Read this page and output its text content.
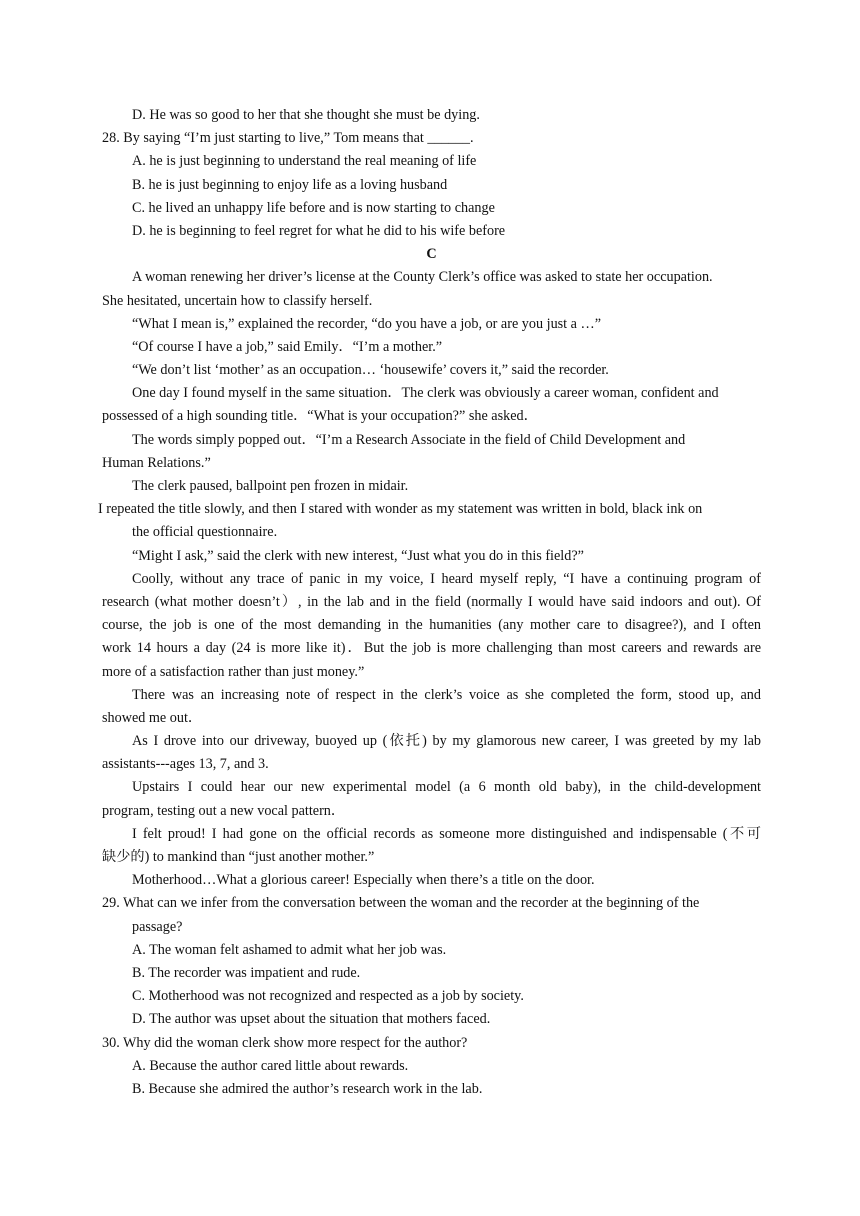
D. He was so good to her that she thought she must be dying.
28. By saying “I’m just starting to live,” Tom means that ______.
A. he is just beginning to understand the real meaning of life
B. he is just beginning to enjoy life as a loving husband
C. he lived an unhappy life before and is now starting to change
D. he is beginning to feel regret for what he did to his wife before
C
A woman renewing her driver’s license at the County Clerk’s office was asked to state her occupation.
She hesitated, uncertain how to classify herself.
“What I mean is,” explained the recorder, “do you have a job, or are you just a …”
“Of course I have a job,” said Emily．“I’m a mother.”
“We don’t list ‘mother’ as an occupation… ‘housewife’ covers it,” said the recorder.
One day I found myself in the same situation．The clerk was obviously a career woman, confident and
possessed of a high sounding title．“What is your occupation?” she asked．
The words simply popped out．“I’m a Research Associate in the field of Child Development and
Human Relations.”
The clerk paused, ballpoint pen frozen in midair.
I repeated the title slowly, and then I stared with wonder as my statement was written in bold, black ink on
the official questionnaire.
“Might I ask,” said the clerk with new interest, “Just what you do in this field?”
Coolly, without any trace of panic in my voice, I heard myself reply, “I have a continuing program of
research (what mother doesn’t）, in the lab and in the field (normally I would have said indoors and out). Of
course, the job is one of the most demanding in the humanities (any mother care to disagree?), and I often
work 14 hours a day (24 is more like it)．But the job is more challenging than most careers and rewards are
more of a satisfaction rather than just money.”
There was an increasing note of respect in the clerk’s voice as she completed the form, stood up, and
showed me out．
As I drove into our driveway, buoyed up (依托) by my glamorous new career, I was greeted by my lab
assistants---ages 13, 7, and 3.
Upstairs I could hear our new experimental model (a 6 month old baby), in the child-development
program, testing out a new vocal pattern．
I felt proud! I had gone on the official records as someone more distinguished and indispensable (不可
缺少的) to mankind than “just another mother.”
Motherhood…What a glorious career! Especially when there’s a title on the door.
29. What can we infer from the conversation between the woman and the recorder at the beginning of the
passage?
A. The woman felt ashamed to admit what her job was.
B. The recorder was impatient and rude.
C. Motherhood was not recognized and respected as a job by society.
D. The author was upset about the situation that mothers faced.
30. Why did the woman clerk show more respect for the author?
A. Because the author cared little about rewards.
B. Because she admired the author’s research work in the lab.
